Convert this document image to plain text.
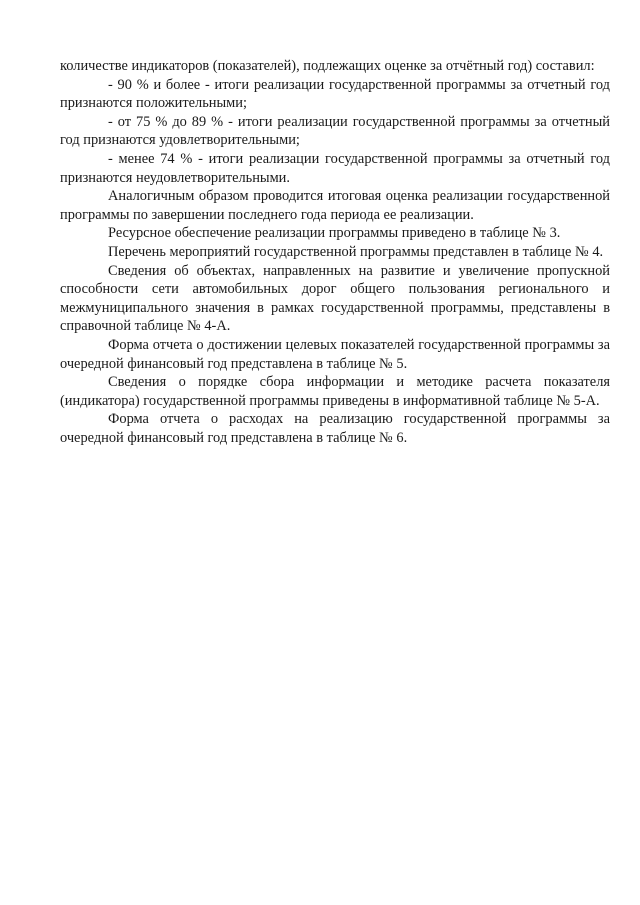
количестве индикаторов (показателей), подлежащих оценке за отчётный год) составил:

- 90 % и более - итоги реализации государственной программы за отчетный год признаются положительными;

- от 75 % до 89 % - итоги реализации государственной программы за отчетный год признаются удовлетворительными;

- менее 74 % - итоги реализации государственной программы за отчетный год признаются неудовлетворительными.

Аналогичным образом проводится итоговая оценка реализации государственной программы по завершении последнего года периода ее реализации.

Ресурсное обеспечение реализации программы приведено в таблице № 3.

Перечень мероприятий государственной программы представлен в таблице № 4.

Сведения об объектах, направленных на развитие и увеличение пропускной способности сети автомобильных дорог общего пользования регионального и межмуниципального значения в рамках государственной программы, представлены в справочной таблице № 4-А.

Форма отчета о достижении целевых показателей государственной программы за очередной финансовый год представлена в таблице № 5.

Сведения о порядке сбора информации и методике расчета показателя (индикатора) государственной программы приведены в информативной таблице № 5-А.

Форма отчета о расходах на реализацию государственной программы за очередной финансовый год представлена в таблице № 6.
